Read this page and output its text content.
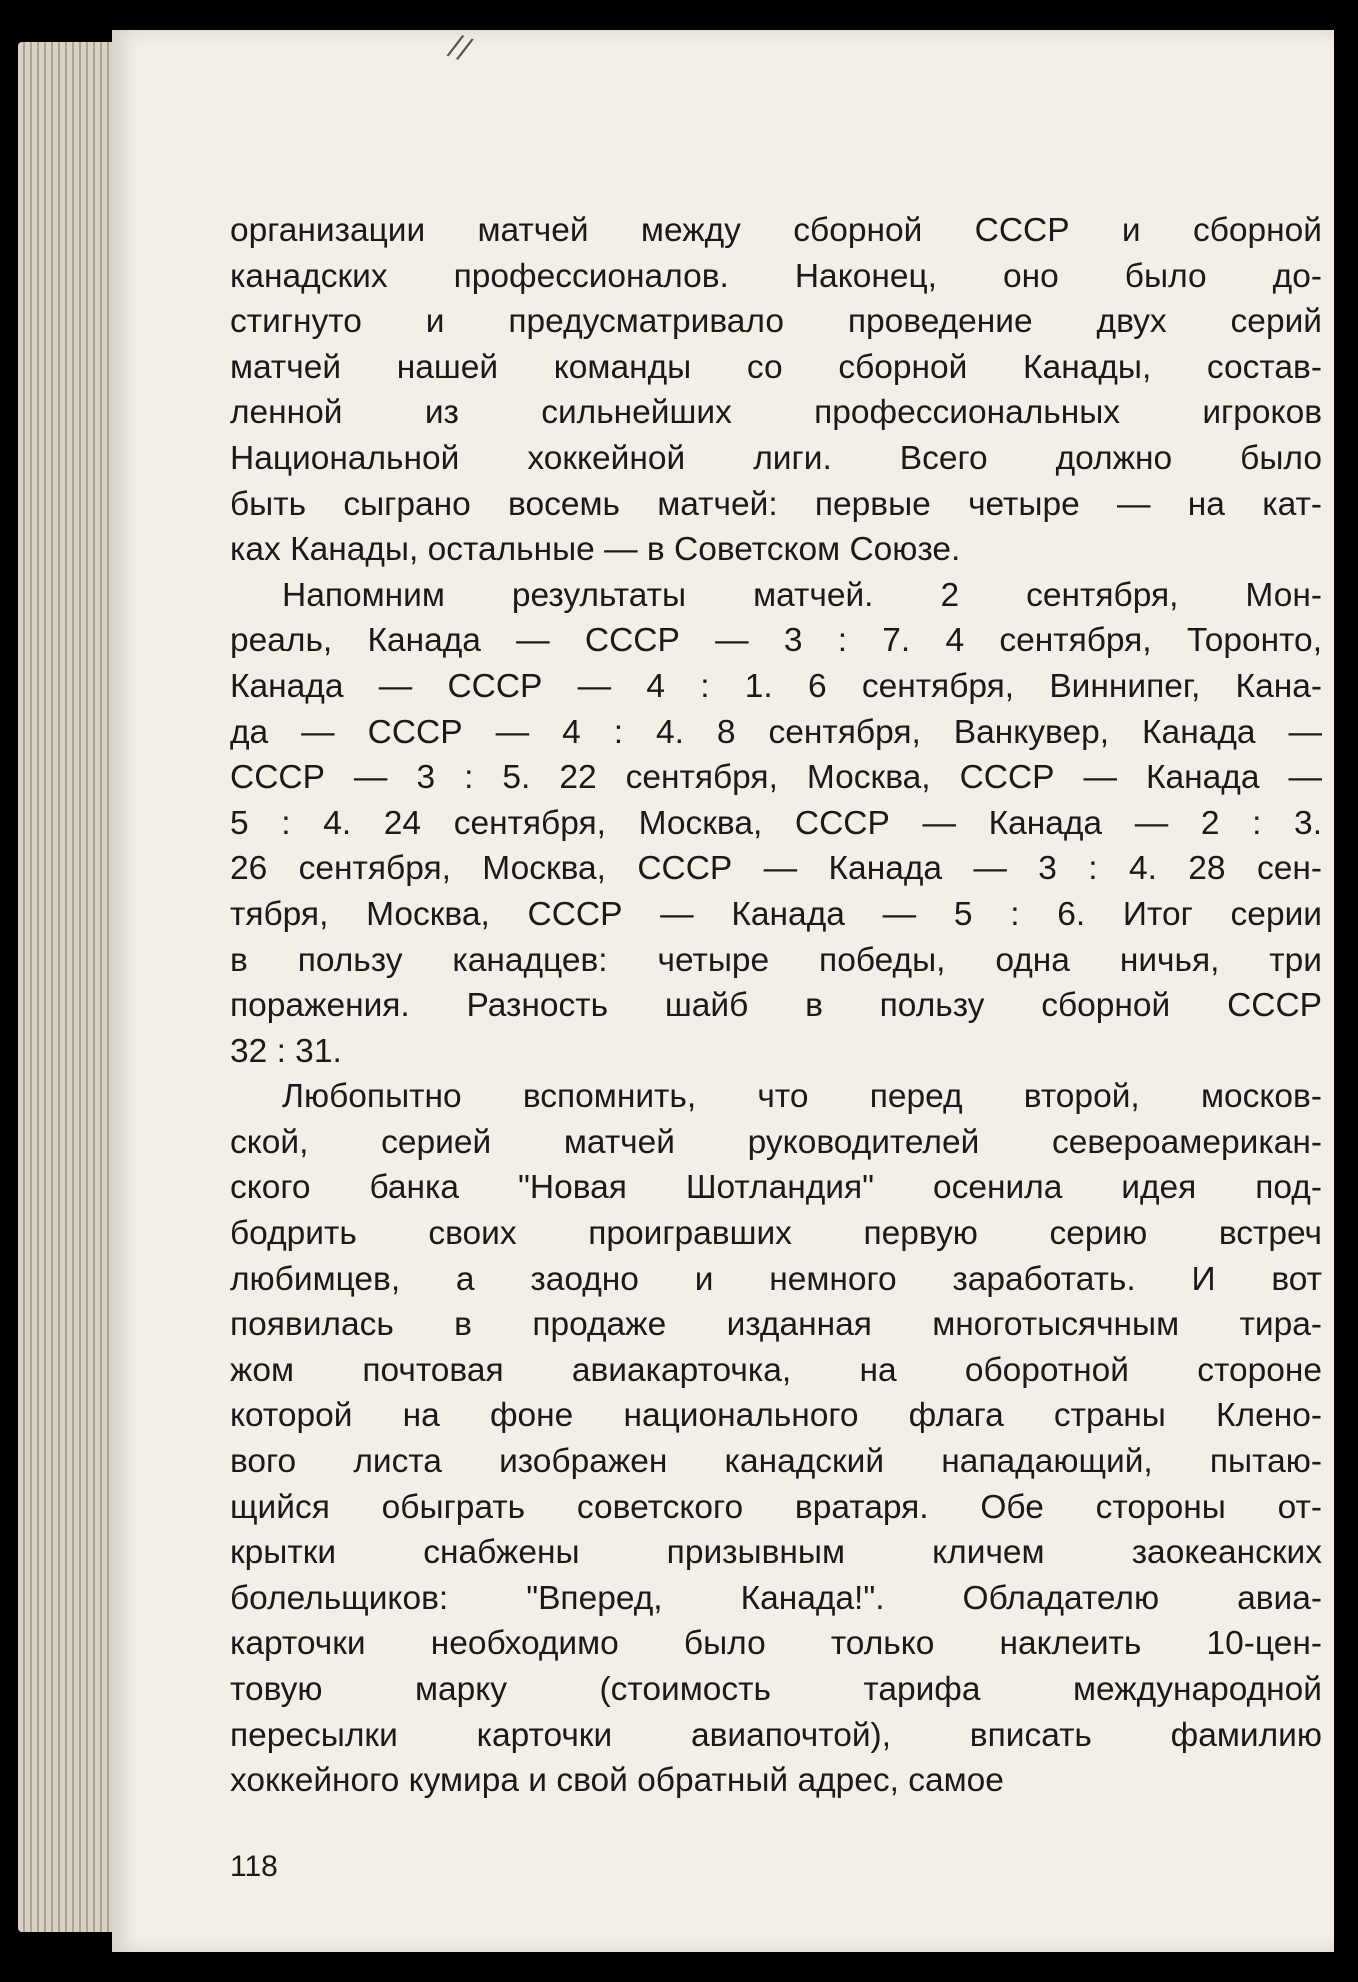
//
организации матчей между сборной СССР и сборной
канадских профессионалов. Наконец, оно было до-
стигнуто и предусматривало проведение двух серий
матчей нашей команды со сборной Канады, состав-
ленной из сильнейших профессиональных игроков
Национальной хоккейной лиги. Всего должно было
быть сыграно восемь матчей: первые четыре — на кат-
ках Канады, остальные — в Советском Союзе.
Напомним результаты матчей. 2 сентября, Мон-
реаль, Канада — СССР — 3 : 7. 4 сентября, Торонто,
Канада — СССР — 4 : 1. 6 сентября, Виннипег, Кана-
да — СССР — 4 : 4. 8 сентября, Ванкувер, Канада —
СССР — 3 : 5. 22 сентября, Москва, СССР — Канада —
5 : 4. 24 сентября, Москва, СССР — Канада — 2 : 3.
26 сентября, Москва, СССР — Канада — 3 : 4. 28 сен-
тября, Москва, СССР — Канада — 5 : 6. Итог серии
в пользу канадцев: четыре победы, одна ничья, три
поражения. Разность шайб в пользу сборной СССР
32 : 31.
Любопытно вспомнить, что перед второй, москов-
ской, серией матчей руководителей североамерикан-
ского банка "Новая Шотландия" осенила идея под-
бодрить своих проигравших первую серию встреч
любимцев, а заодно и немного заработать. И вот
появилась в продаже изданная многотысячным тира-
жом почтовая авиакарточка, на оборотной стороне
которой на фоне национального флага страны Клено-
вого листа изображен канадский нападающий, пытаю-
щийся обыграть советского вратаря. Обе стороны от-
крытки снабжены призывным кличем заокеанских
болельщиков: "Вперед, Канада!". Обладателю авиа-
карточки необходимо было только наклеить 10-цен-
товую марку (стоимость тарифа международной
пересылки карточки авиапочтой), вписать фамилию
хоккейного кумира и свой обратный адрес, самое
118
